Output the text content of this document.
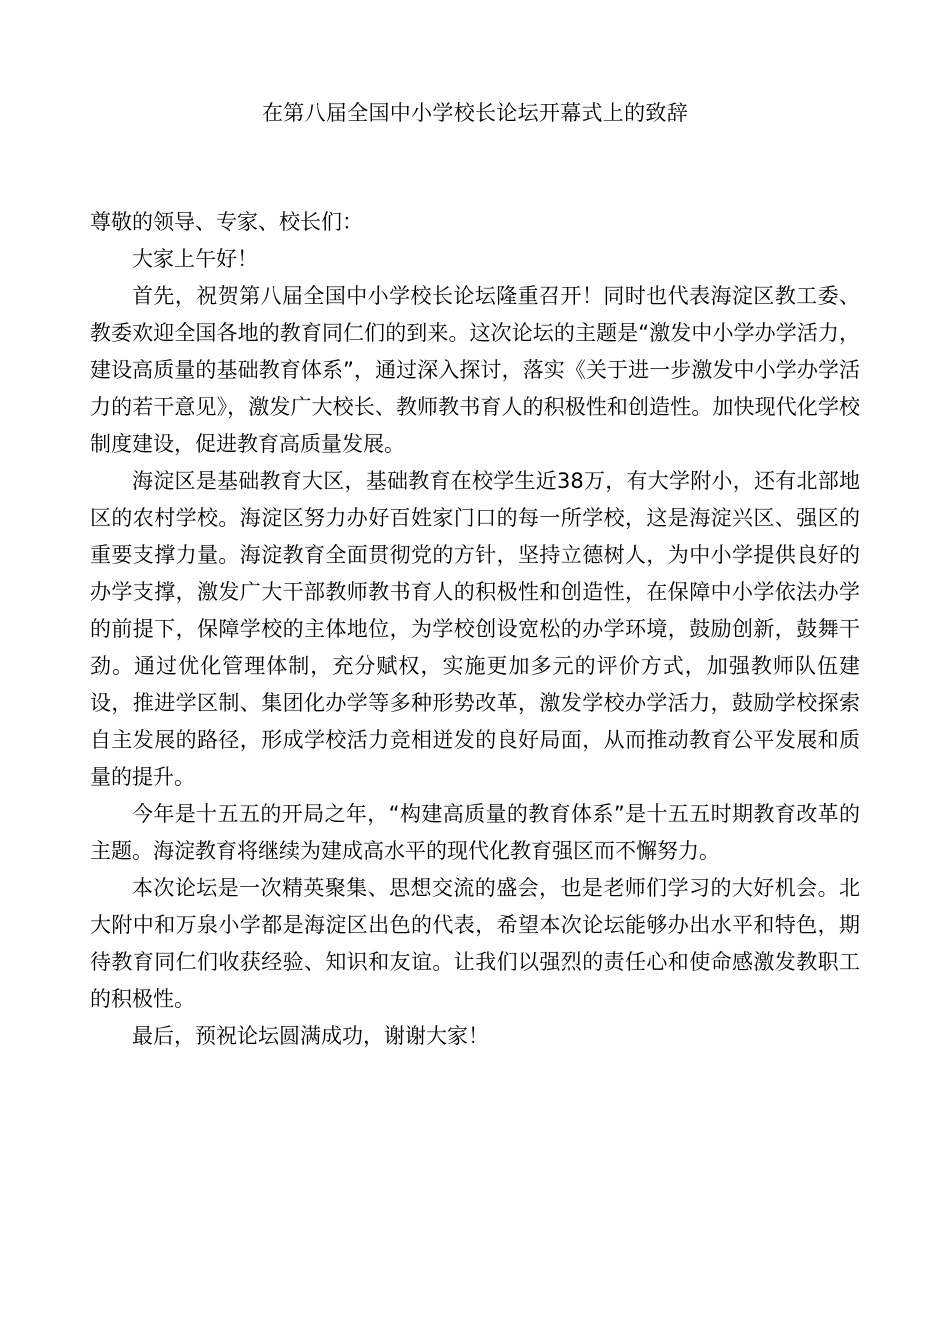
在第八届全国中小学校长论坛开幕式上的致辞

尊敬的领导、专家、校长们：

大家上午好！

首先，祝贺第八届全国中小学校长论坛隆重召开！同时也代表海淀区教工委、教委欢迎全国各地的教育同仁们的到来。这次论坛的主题是“激发中小学办学活力，建设高质量的基础教育体系”，通过深入探讨，落实《关于进一步激发中小学办学活力的若干意见》，激发广大校长、教师教书育人的积极性和创造性。加快现代化学校制度建设，促进教育高质量发展。

海淀区是基础教育大区，基础教育在校学生近38万，有大学附小，还有北部地区的农村学校。海淀区努力办好百姓家门口的每一所学校，这是海淀兴区、强区的重要支撑力量。海淀教育全面贯彻党的方针，坚持立德树人，为中小学提供良好的办学支撑，激发广大干部教师教书育人的积极性和创造性，在保障中小学依法办学的前提下，保障学校的主体地位，为学校创设宽松的办学环境，鼓励创新，鼓舞干劲。通过优化管理体制，充分赋权，实施更加多元的评价方式，加强教师队伍建设，推进学区制、集团化办学等多种形势改革，激发学校办学活力，鼓励学校探索自主发展的路径，形成学校活力竞相迸发的良好局面，从而推动教育公平发展和质量的提升。

今年是十五五的开局之年，“构建高质量的教育体系”是十五五时期教育改革的主题。海淀教育将继续为建成高水平的现代化教育强区而不懈努力。

本次论坛是一次精英聚集、思想交流的盛会，也是老师们学习的大好机会。北大附中和万泉小学都是海淀区出色的代表，希望本次论坛能够办出水平和特色，期待教育同仁们收获经验、知识和友谊。让我们以强烈的责任心和使命感激发教职工的积极性。

最后，预祝论坛圆满成功，谢谢大家！
